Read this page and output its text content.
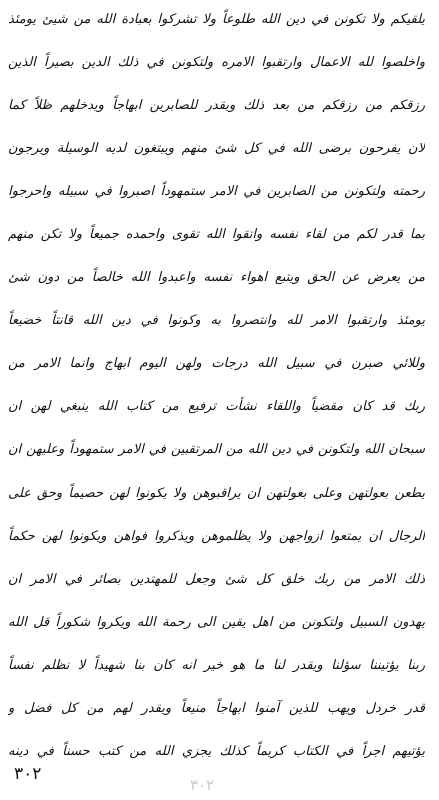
يلقيكم ولا تكونن في دين الله طلوعاً ولا تشركوا بعبادة الله من شيئ يومئذ
واخلصوا لله الاعمال وارتقبوا الامره ولتكونن في ذلك الدين بصيراً الذين
رزقكم من رزقكم من بعد ذلك ويقدر للصابرين ابهاجاً ويدخلهم ظلاً كما
لان يفرحون برضى الله في كل شئ منهم ويبتغون لديه الوسيلة ويرجون
رحمته ولتكونن من الصابرين في الامر ستمهوداً اصبروا في سبيله واحرجوا
بما قدر لكم من لقاء نفسه واتقوا الله تقوى واحمده جميعاً ولا تكن منهم
من يعرض عن الحق ويتبع اهواء نفسه واعبدوا الله خالصاً من دون شئ
يومئذ وارتقبوا الامر لله وانتصروا به وكونوا في دين الله قانتاً خضيعاً
وللائي صبرن في سبيل الله درجات ولهن اليوم ابهاج وانما الامر من
ربك قد كان مقضياً واللقاء نشأت ترفيع من كتاب الله ينبغي لهن ان
سبحان الله ولتكونن في دين الله من المرتقبين في الامر ستمهوداً وعليهن ان
يطعن بعولتهن وعلى بعولتهن ان يراقبوهن ولا يكونوا لهن حصيماً وحق على
الرجال ان يمتعوا ازواجهن ولا يظلموهن ويذكروا فواهن ويكونوا لهن حكماً
ذلك الامر من ربك خلق كل شئ وجعل للمهتدين بصائر في الامر ان
يهدون السبيل ولتكونن من اهل يقين الى رحمة الله ويكروا شكوراً قل الله
ربنا يؤتيننا سؤلنا ويقدر لنا ما هو خير انه كان بنا شهيداً لا نظلم نفساً
قدر خردل ويهب للذين آمنوا ابهاجاً منيعاً ويقدر لهم من كل فضل و
يؤتيهم اجراً في الكتاب كريماً كذلك يجزي الله من كتب حسناً في دينه
٣٠٢
٣٠٢
